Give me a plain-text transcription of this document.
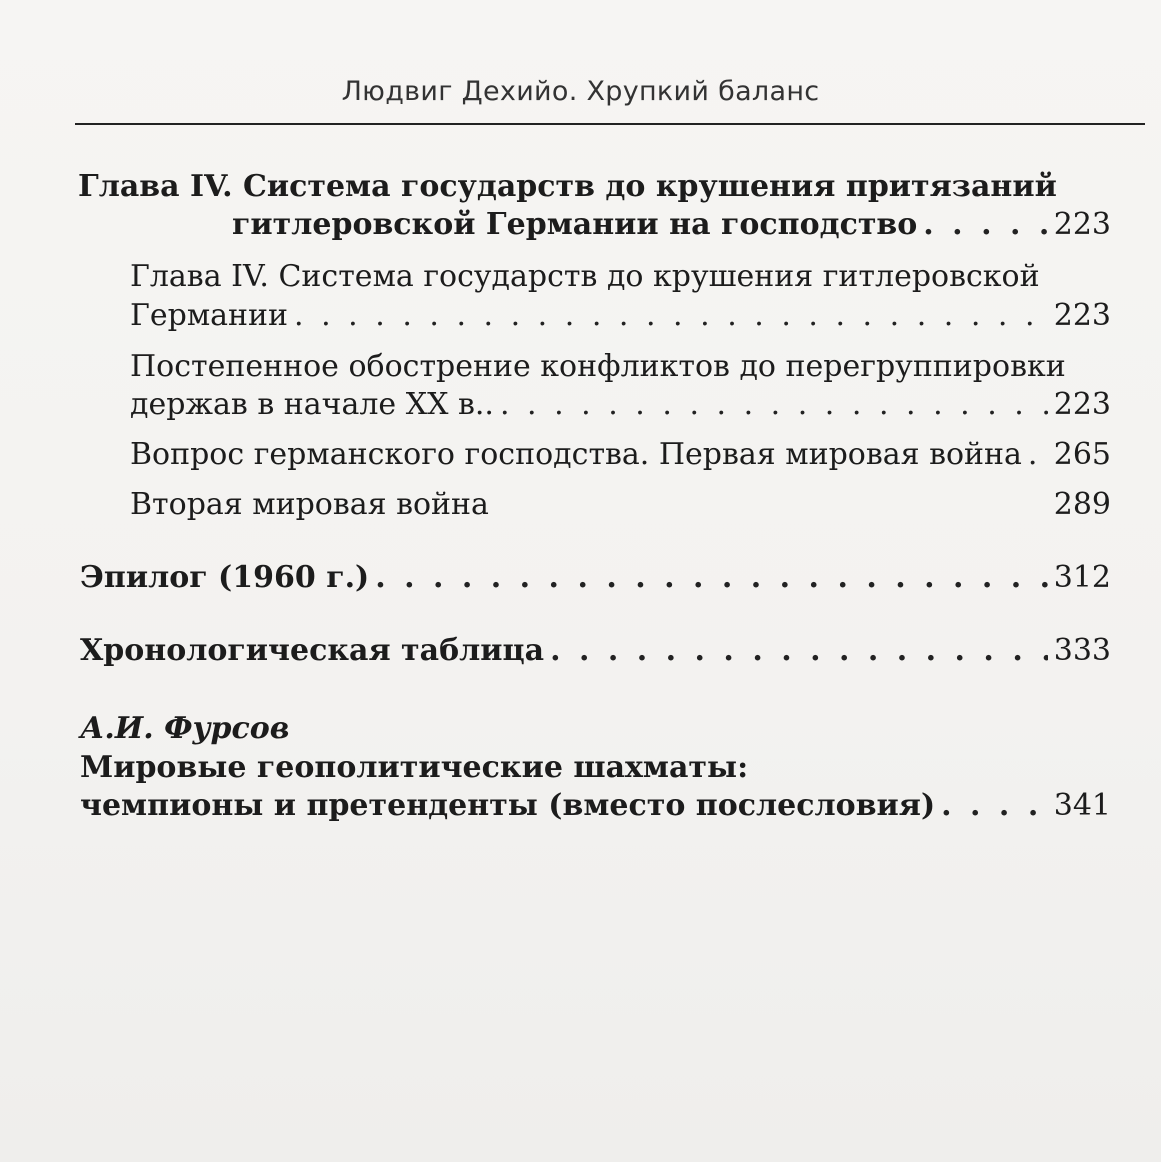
Людвиг Дехийо. Хрупкий баланс
Глава IV. Система государств до крушения притязаний
гитлеровской Германии на господство . . .	223
Глава IV. Система государств до крушения гитлеровской
Германии . . .	223
Постепенное обострение конфликтов до перегруппировки
держав в начале XX в.. . . .	223
Вопрос германского господства. Первая мировая война . . . 265
Вторая мировая война	289
Эпилог (1960 г.) . . .	312
Хронологическая таблица . . .	333
А.И. Фурсов
Мировые геополитические шахматы:
чемпионы и претенденты (вместо послесловия) . . .	341
